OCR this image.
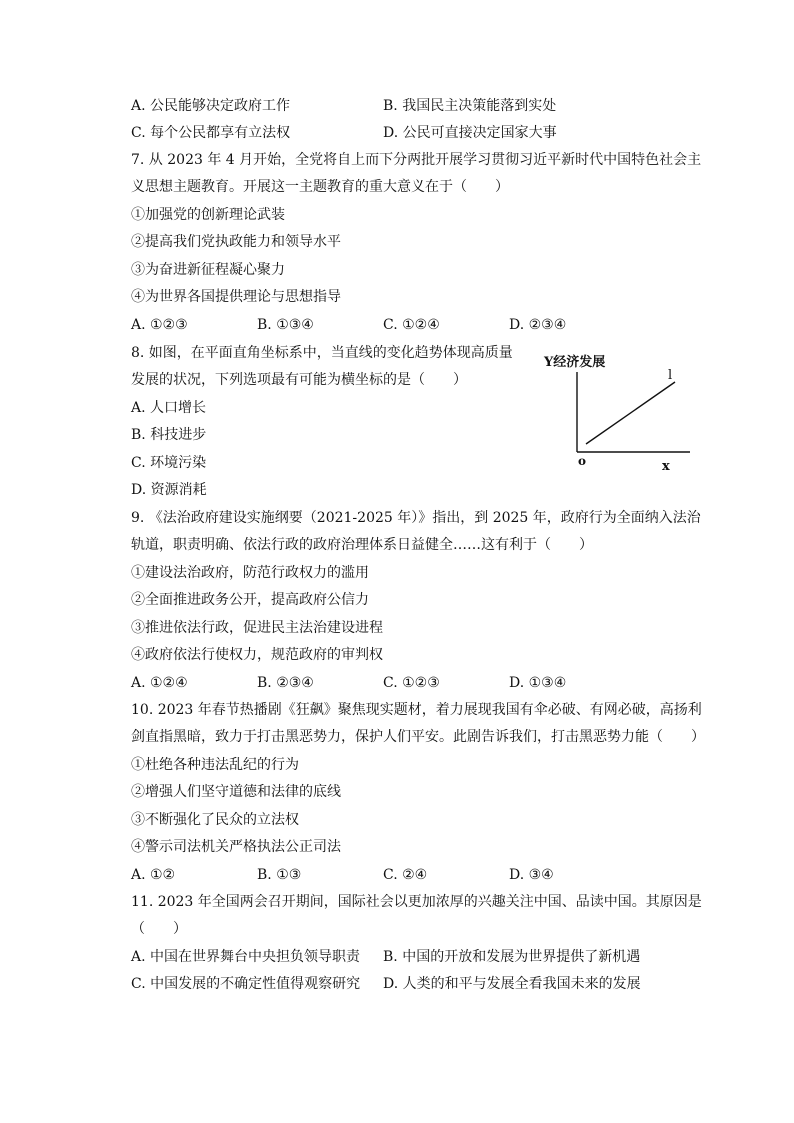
A. 公民能够决定政府工作	B. 我国民主决策能落到实处
C. 每个公民都享有立法权	D. 公民可直接决定国家大事
7. 从 2023 年 4 月开始，全党将自上而下分两批开展学习贯彻习近平新时代中国特色社会主
义思想主题教育。开展这一主题教育的重大意义在于（　　）
①加强党的创新理论武装
②提高我们党执政能力和领导水平
③为奋进新征程凝心聚力
④为世界各国提供理论与思想指导
A. ①②③	B. ①③④	C. ①②④	D. ②③④
8. 如图，在平面直角坐标系中，当直线的变化趋势体现高质量
发展的状况，下列选项最有可能为横坐标的是（　　）
A. 人口增长
B. 科技进步
C. 环境污染
D. 资源消耗
Y经济发展
l
o	x
9. 《法治政府建设实施纲要（2021-2025 年）》指出，到 2025 年，政府行为全面纳入法治
轨道，职责明确、依法行政的政府治理体系日益健全……这有利于（　　）
①建设法治政府，防范行政权力的滥用
②全面推进政务公开，提高政府公信力
③推进依法行政，促进民主法治建设进程
④政府依法行使权力，规范政府的审判权
A. ①②④	B. ②③④	C. ①②③	D. ①③④
10. 2023 年春节热播剧《狂飙》聚焦现实题材，着力展现我国有伞必破、有网必破，高扬利
剑直指黑暗，致力于打击黑恶势力，保护人们平安。此剧告诉我们，打击黑恶势力能（　　）
①杜绝各种违法乱纪的行为
②增强人们坚守道德和法律的底线
③不断强化了民众的立法权
④警示司法机关严格执法公正司法
A. ①②	B. ①③	C. ②④	D. ③④
11. 2023 年全国两会召开期间，国际社会以更加浓厚的兴趣关注中国、品读中国。其原因是
（　　）
A. 中国在世界舞台中央担负领导职责 B. 中国的开放和发展为世界提供了新机遇
C. 中国发展的不确定性值得观察研究 D. 人类的和平与发展全看我国未来的发展
